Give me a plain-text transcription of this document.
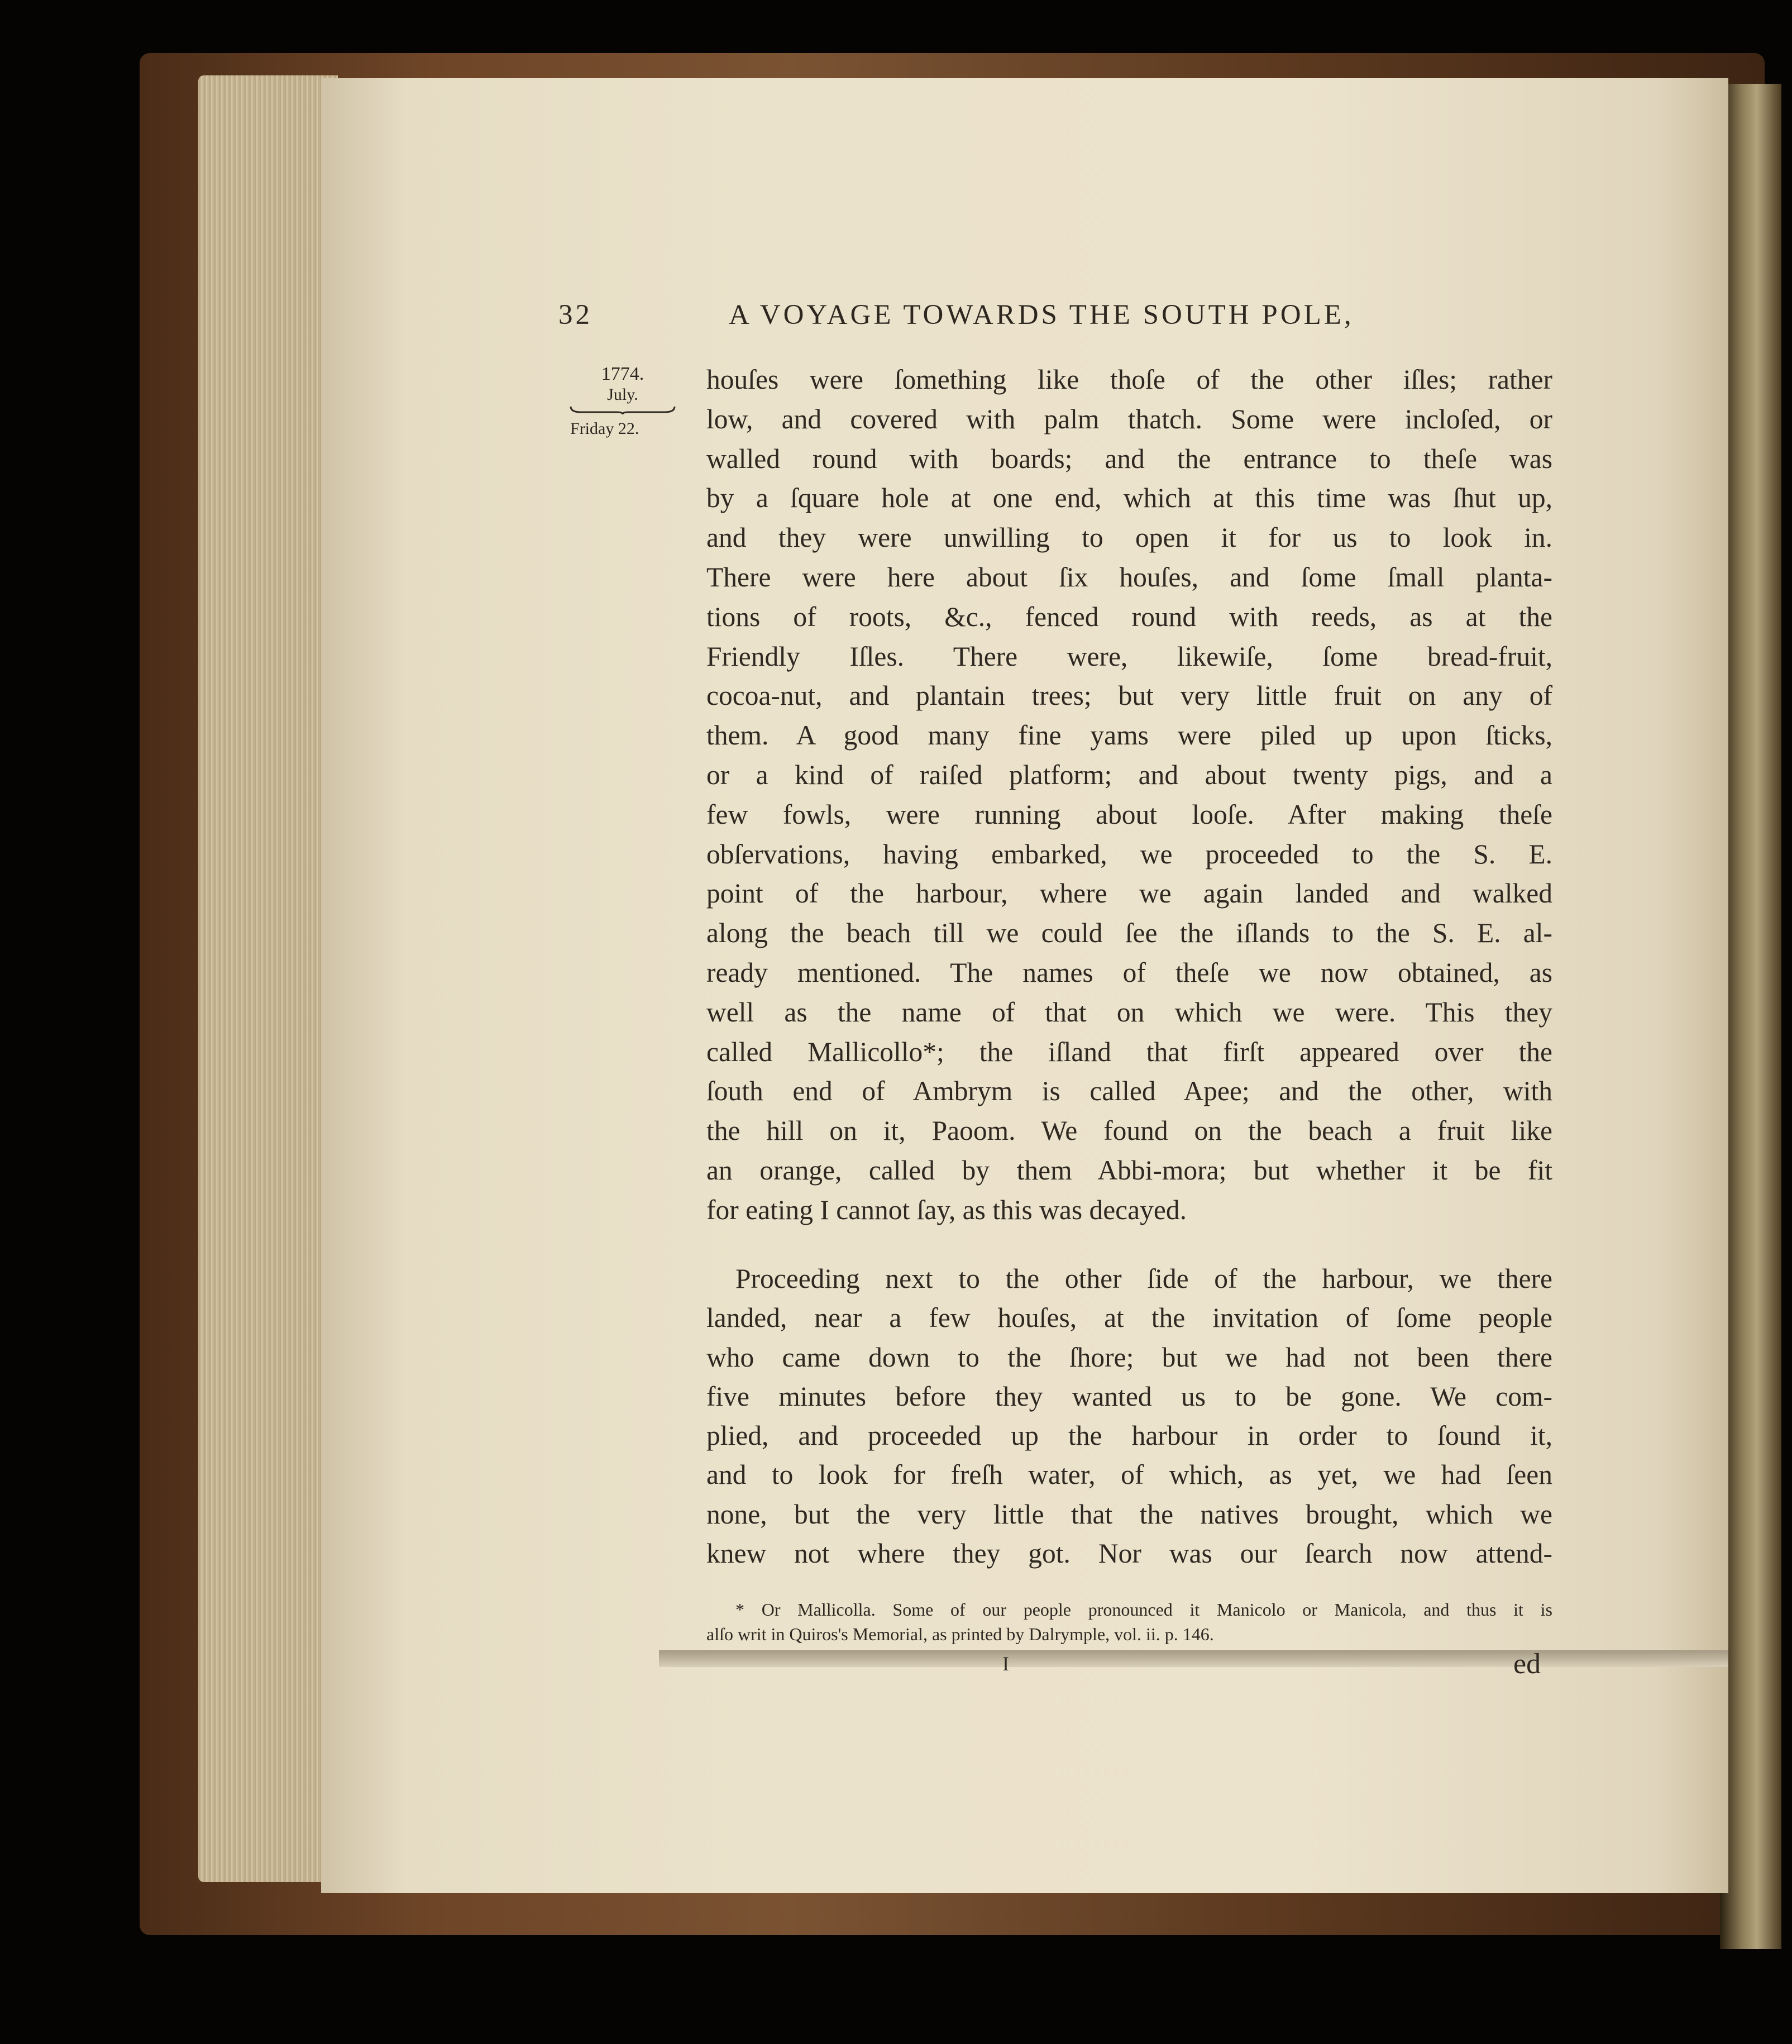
32	A VOYAGE TOWARDS THE SOUTH POLE,
1774.
July.
Friday 22.
houſes were ſomething like thoſe of the other iſles; rather
low, and covered with palm thatch. Some were incloſed, or
walled round with boards; and the entrance to theſe was
by a ſquare hole at one end, which at this time was ſhut up,
and they were unwilling to open it for us to look in.
There were here about ſix houſes, and ſome ſmall planta-
tions of roots, &c., fenced round with reeds, as at the
Friendly Iſles. There were, likewiſe, ſome bread-fruit,
cocoa-nut, and plantain trees; but very little fruit on any of
them. A good many fine yams were piled up upon ſticks,
or a kind of raiſed platform; and about twenty pigs, and a
few fowls, were running about looſe. After making theſe
obſervations, having embarked, we proceeded to the S. E.
point of the harbour, where we again landed and walked
along the beach till we could ſee the iſlands to the S. E. al-
ready mentioned. The names of theſe we now obtained, as
well as the name of that on which we were. This they
called Mallicollo*; the iſland that firſt appeared over the
ſouth end of Ambrym is called Apee; and the other, with
the hill on it, Paoom. We found on the beach a fruit like
an orange, called by them Abbi-mora; but whether it be fit
for eating I cannot ſay, as this was decayed.
Proceeding next to the other ſide of the harbour, we there
landed, near a few houſes, at the invitation of ſome people
who came down to the ſhore; but we had not been there
five minutes before they wanted us to be gone. We com-
plied, and proceeded up the harbour in order to ſound it,
and to look for freſh water, of which, as yet, we had ſeen
none, but the very little that the natives brought, which we
knew not where they got. Nor was our ſearch now attend-
* Or Mallicolla. Some of our people pronounced it Manicolo or Manicola, and thus it is
alſo writ in Quiros's Memorial, as printed by Dalrymple, vol. ii. p. 146.
I	ed
